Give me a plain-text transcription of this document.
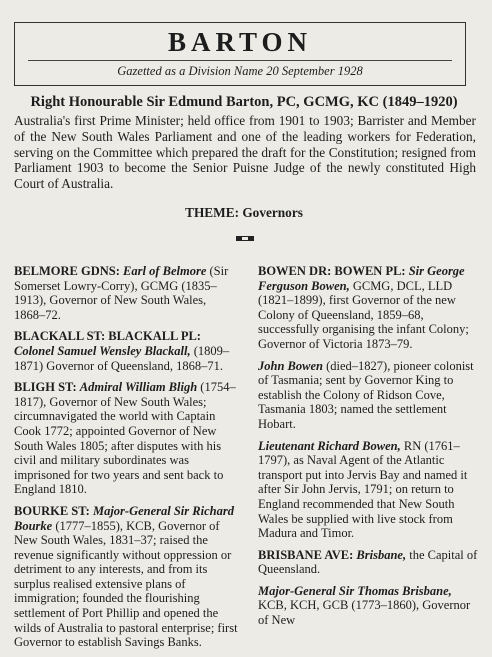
BARTON
Gazetted as a Division Name 20 September 1928
Right Honourable Sir Edmund Barton, PC, GCMG, KC (1849–1920)
Australia's first Prime Minister; held office from 1901 to 1903; Barrister and Member of the New South Wales Parliament and one of the leading workers for Federation, serving on the Committee which prepared the draft for the Constitution; resigned from Parliament 1903 to become the Senior Puisne Judge of the newly constituted High Court of Australia.
THEME: Governors
BELMORE GDNS: Earl of Belmore (Sir Somerset Lowry-Corry), GCMG (1835–1913), Governor of New South Wales, 1868–72.
BLACKALL ST: BLACKALL PL: Colonel Samuel Wensley Blackall, (1809–1871) Governor of Queensland, 1868–71.
BLIGH ST: Admiral William Bligh (1754–1817), Governor of New South Wales; circumnavigated the world with Captain Cook 1772; appointed Governor of New South Wales 1805; after disputes with his civil and military subordinates was imprisoned for two years and sent back to England 1810.
BOURKE ST: Major-General Sir Richard Bourke (1777–1855), KCB, Governor of New South Wales, 1831–37; raised the revenue significantly without oppression or detriment to any interests, and from its surplus realised extensive plans of immigration; founded the flourishing settlement of Port Phillip and opened the wilds of Australia to pastoral enterprise; first Governor to establish Savings Banks.
BOWEN DR: BOWEN PL: Sir George Ferguson Bowen, GCMG, DCL, LLD (1821–1899), first Governor of the new Colony of Queensland, 1859–68, successfully organising the infant Colony; Governor of Victoria 1873–79.
John Bowen (died–1827), pioneer colonist of Tasmania; sent by Governor King to establish the Colony of Ridson Cove, Tasmania 1803; named the settlement Hobart.
Lieutenant Richard Bowen, RN (1761–1797), as Naval Agent of the Atlantic transport put into Jervis Bay and named it after Sir John Jervis, 1791; on return to England recommended that New South Wales be supplied with live stock from Madura and Timor.
BRISBANE AVE: Brisbane, the Capital of Queensland.
Major-General Sir Thomas Brisbane, KCB, KCH, GCB (1773–1860), Governor of New
